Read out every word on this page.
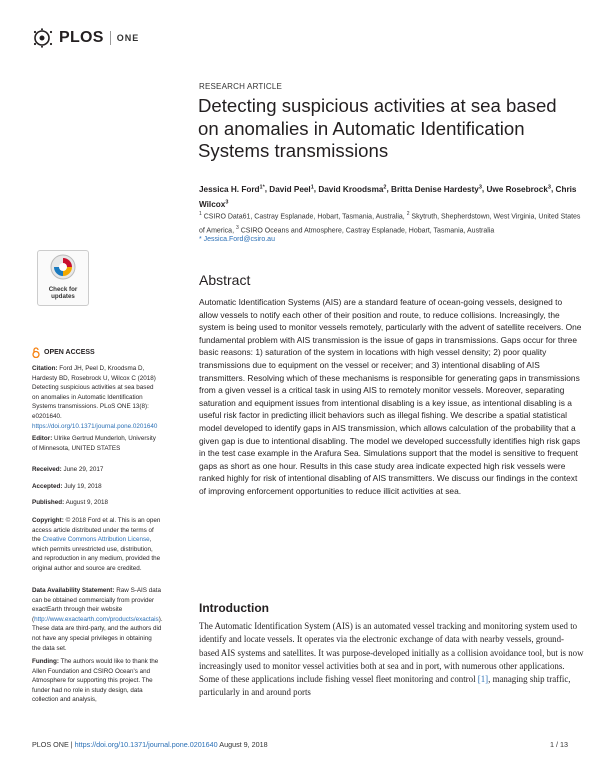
PLOS ONE
RESEARCH ARTICLE
Detecting suspicious activities at sea based on anomalies in Automatic Identification Systems transmissions
Jessica H. Ford$^{1*}$, David Peel$^1$, David Kroodsma$^2$, Britta Denise Hardesty$^3$, Uwe Rosebrock$^3$, Chris Wilcox$^3$
$^1$ CSIRO Data61, Castray Esplanade, Hobart, Tasmania, Australia, $^2$ Skytruth, Shepherdstown, West Virginia, United States of America, $^3$ CSIRO Oceans and Atmosphere, Castray Esplanade, Hobart, Tasmania, Australia
* Jessica.Ford@csiro.au
Check for updates
OPEN ACCESS
Citation: Ford JH, Peel D, Kroodsma D, Hardesty BD, Rosebrock U, Wilcox C (2018) Detecting suspicious activities at sea based on anomalies in Automatic Identification Systems transmissions. PLoS ONE 13(8): e0201640. https://doi.org/10.1371/journal.pone.0201640
Editor: Ulrike Gertrud Munderloh, University of Minnesota, UNITED STATES
Received: June 29, 2017
Accepted: July 19, 2018
Published: August 9, 2018
Copyright: © 2018 Ford et al. This is an open access article distributed under the terms of the Creative Commons Attribution License, which permits unrestricted use, distribution, and reproduction in any medium, provided the original author and source are credited.
Data Availability Statement: Raw S-AIS data can be obtained commercially from provider exactEarth through their website (http://www.exactearth.com/products/exactais). These data are third-party, and the authors did not have any special privileges in obtaining the data set.
Funding: The authors would like to thank the Allen Foundation and CSIRO Ocean's and Atmosphere for supporting this project. The funder had no role in study design, data collection and analysis,
Abstract
Automatic Identification Systems (AIS) are a standard feature of ocean-going vessels, designed to allow vessels to notify each other of their position and route, to reduce collisions. Increasingly, the system is being used to monitor vessels remotely, particularly with the advent of satellite receivers. One fundamental problem with AIS transmission is the issue of gaps in transmissions. Gaps occur for three basic reasons: 1) saturation of the system in locations with high vessel density; 2) poor quality transmissions due to equipment on the vessel or receiver; and 3) intentional disabling of AIS transmitters. Resolving which of these mechanisms is responsible for generating gaps in transmissions from a given vessel is a critical task in using AIS to remotely monitor vessels. Moreover, separating saturation and equipment issues from intentional disabling is a key issue, as intentional disabling is a useful risk factor in predicting illicit behaviors such as illegal fishing. We describe a spatial statistical model developed to identify gaps in AIS transmission, which allows calculation of the probability that a given gap is due to intentional disabling. The model we developed successfully identifies high risk gaps in the test case example in the Arafura Sea. Simulations support that the model is sensitive to frequent gaps as short as one hour. Results in this case study area indicate expected high risk vessels were ranked highly for risk of intentional disabling of AIS transmitters. We discuss our findings in the context of improving enforcement opportunities to reduce illicit activities at sea.
Introduction
The Automatic Identification System (AIS) is an automated vessel tracking and monitoring system used to identify and locate vessels. It operates via the electronic exchange of data with nearby vessels, ground-based AIS systems and satellites. It was purpose-developed initially as a collision avoidance tool, but is now increasingly used to monitor vessel activities both at sea and in port, with numerous other applications. Some of these applications include fishing vessel fleet monitoring and control [1], managing ship traffic, particularly in and around ports
PLOS ONE | https://doi.org/10.1371/journal.pone.0201640 August 9, 2018	1 / 13
